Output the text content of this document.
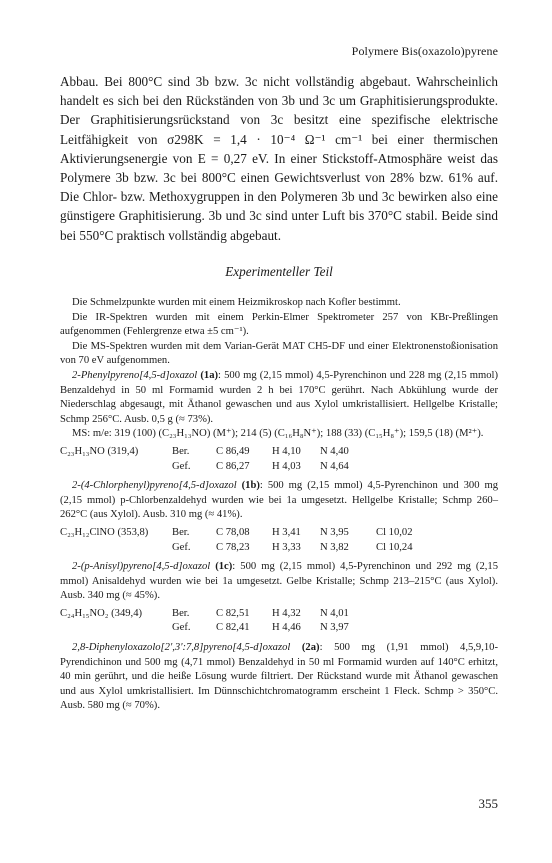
Polymere Bis(oxazolo)pyrene

Abbau. Bei 800°C sind 3b bzw. 3c nicht vollständig abgebaut. Wahrscheinlich handelt es sich bei den Rückständen von 3b und 3c um Graphitisierungsprodukte. Der Graphitisierungsrückstand von 3c besitzt eine spezifische elektrische Leitfähigkeit von σ298K = 1,4 · 10⁻⁴ Ω⁻¹ cm⁻¹ bei einer thermischen Aktivierungsenergie von E = 0,27 eV. In einer Stickstoff-Atmosphäre weist das Polymere 3b bzw. 3c bei 800°C einen Gewichtsverlust von 28% bzw. 61% auf. Die Chlor- bzw. Methoxygruppen in den Polymeren 3b und 3c bewirken also eine günstigere Graphitisierung. 3b und 3c sind unter Luft bis 370°C stabil. Beide sind bei 550°C praktisch vollständig abgebaut.

Experimenteller Teil

Die Schmelzpunkte wurden mit einem Heizmikroskop nach Kofler bestimmt.

Die IR-Spektren wurden mit einem Perkin-Elmer Spektrometer 257 von KBr-Preßlingen aufgenommen (Fehlergrenze etwa ±5 cm⁻¹).

Die MS-Spektren wurden mit dem Varian-Gerät MAT CH5-DF und einer Elektronenstoßionisation von 70 eV aufgenommen.

2-Phenylpyreno[4,5-d]oxazol (1a): 500 mg (2,15 mmol) 4,5-Pyrenchinon und 228 mg (2,15 mmol) Benzaldehyd in 50 ml Formamid wurden 2 h bei 170°C gerührt. Nach Abkühlung wurde der Niederschlag abgesaugt, mit Äthanol gewaschen und aus Xylol umkristallisiert. Hellgelbe Kristalle; Schmp 256°C. Ausb. 0,5 g (≈ 73%).

MS: m/e: 319 (100) (C₂₃H₁₃NO) (M⁺); 214 (5) (C₁₆H₈N⁺); 188 (33) (C₁₅H₈⁺); 159,5 (18) (M²⁺).

C₂₃H₁₃NO (319,4)	Ber.	C 86,49	H 4,10	N 4,40
Gef.	C 86,27	H 4,03	N 4,64

2-(4-Chlorphenyl)pyreno[4,5-d]oxazol (1b): 500 mg (2,15 mmol) 4,5-Pyrenchinon und 300 mg (2,15 mmol) p-Chlorbenzaldehyd wurden wie bei 1a umgesetzt. Hellgelbe Kristalle; Schmp 260–262°C (aus Xylol). Ausb. 310 mg (≈ 41%).

C₂₃H₁₂ClNO (353,8)	Ber.	C 78,08	H 3,41	N 3,95	Cl 10,02
Gef.	C 78,23	H 3,33	N 3,82	Cl 10,24

2-(p-Anisyl)pyreno[4,5-d]oxazol (1c): 500 mg (2,15 mmol) 4,5-Pyrenchinon und 292 mg (2,15 mmol) Anisaldehyd wurden wie bei 1a umgesetzt. Gelbe Kristalle; Schmp 213–215°C (aus Xylol). Ausb. 340 mg (≈ 45%).

C₂₄H₁₅NO₂ (349,4)	Ber.	C 82,51	H 4,32	N 4,01
Gef.	C 82,41	H 4,46	N 3,97

2,8-Diphenyloxazolo[2',3':7,8]pyreno[4,5-d]oxazol (2a): 500 mg (1,91 mmol) 4,5,9,10-Pyrendichinon und 500 mg (4,71 mmol) Benzaldehyd in 50 ml Formamid wurden auf 140°C erhitzt, 40 min gerührt, und die heiße Lösung wurde filtriert. Der Rückstand wurde mit Äthanol gewaschen und aus Xylol umkristallisiert. Im Dünnschichtchromatogramm erscheint 1 Fleck. Schmp > 350°C. Ausb. 580 mg (≈ 70%).

355
